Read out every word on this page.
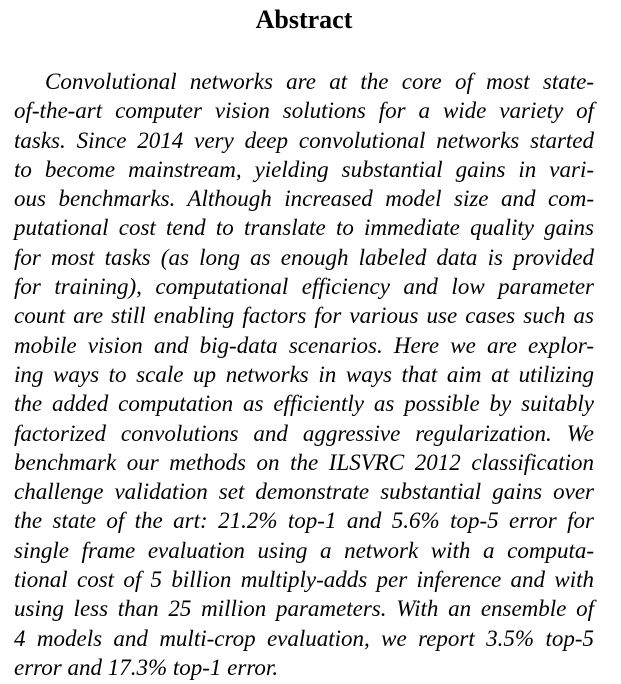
Abstract
Convolutional networks are at the core of most state-
of-the-art computer vision solutions for a wide variety of
tasks. Since 2014 very deep convolutional networks started
to become mainstream, yielding substantial gains in vari-
ous benchmarks. Although increased model size and com-
putational cost tend to translate to immediate quality gains
for most tasks (as long as enough labeled data is provided
for training), computational efficiency and low parameter
count are still enabling factors for various use cases such as
mobile vision and big-data scenarios. Here we are explor-
ing ways to scale up networks in ways that aim at utilizing
the added computation as efficiently as possible by suitably
factorized convolutions and aggressive regularization. We
benchmark our methods on the ILSVRC 2012 classification
challenge validation set demonstrate substantial gains over
the state of the art: 21.2% top-1 and 5.6% top-5 error for
single frame evaluation using a network with a computa-
tional cost of 5 billion multiply-adds per inference and with
using less than 25 million parameters. With an ensemble of
4 models and multi-crop evaluation, we report 3.5% top-5
error and 17.3% top-1 error.
